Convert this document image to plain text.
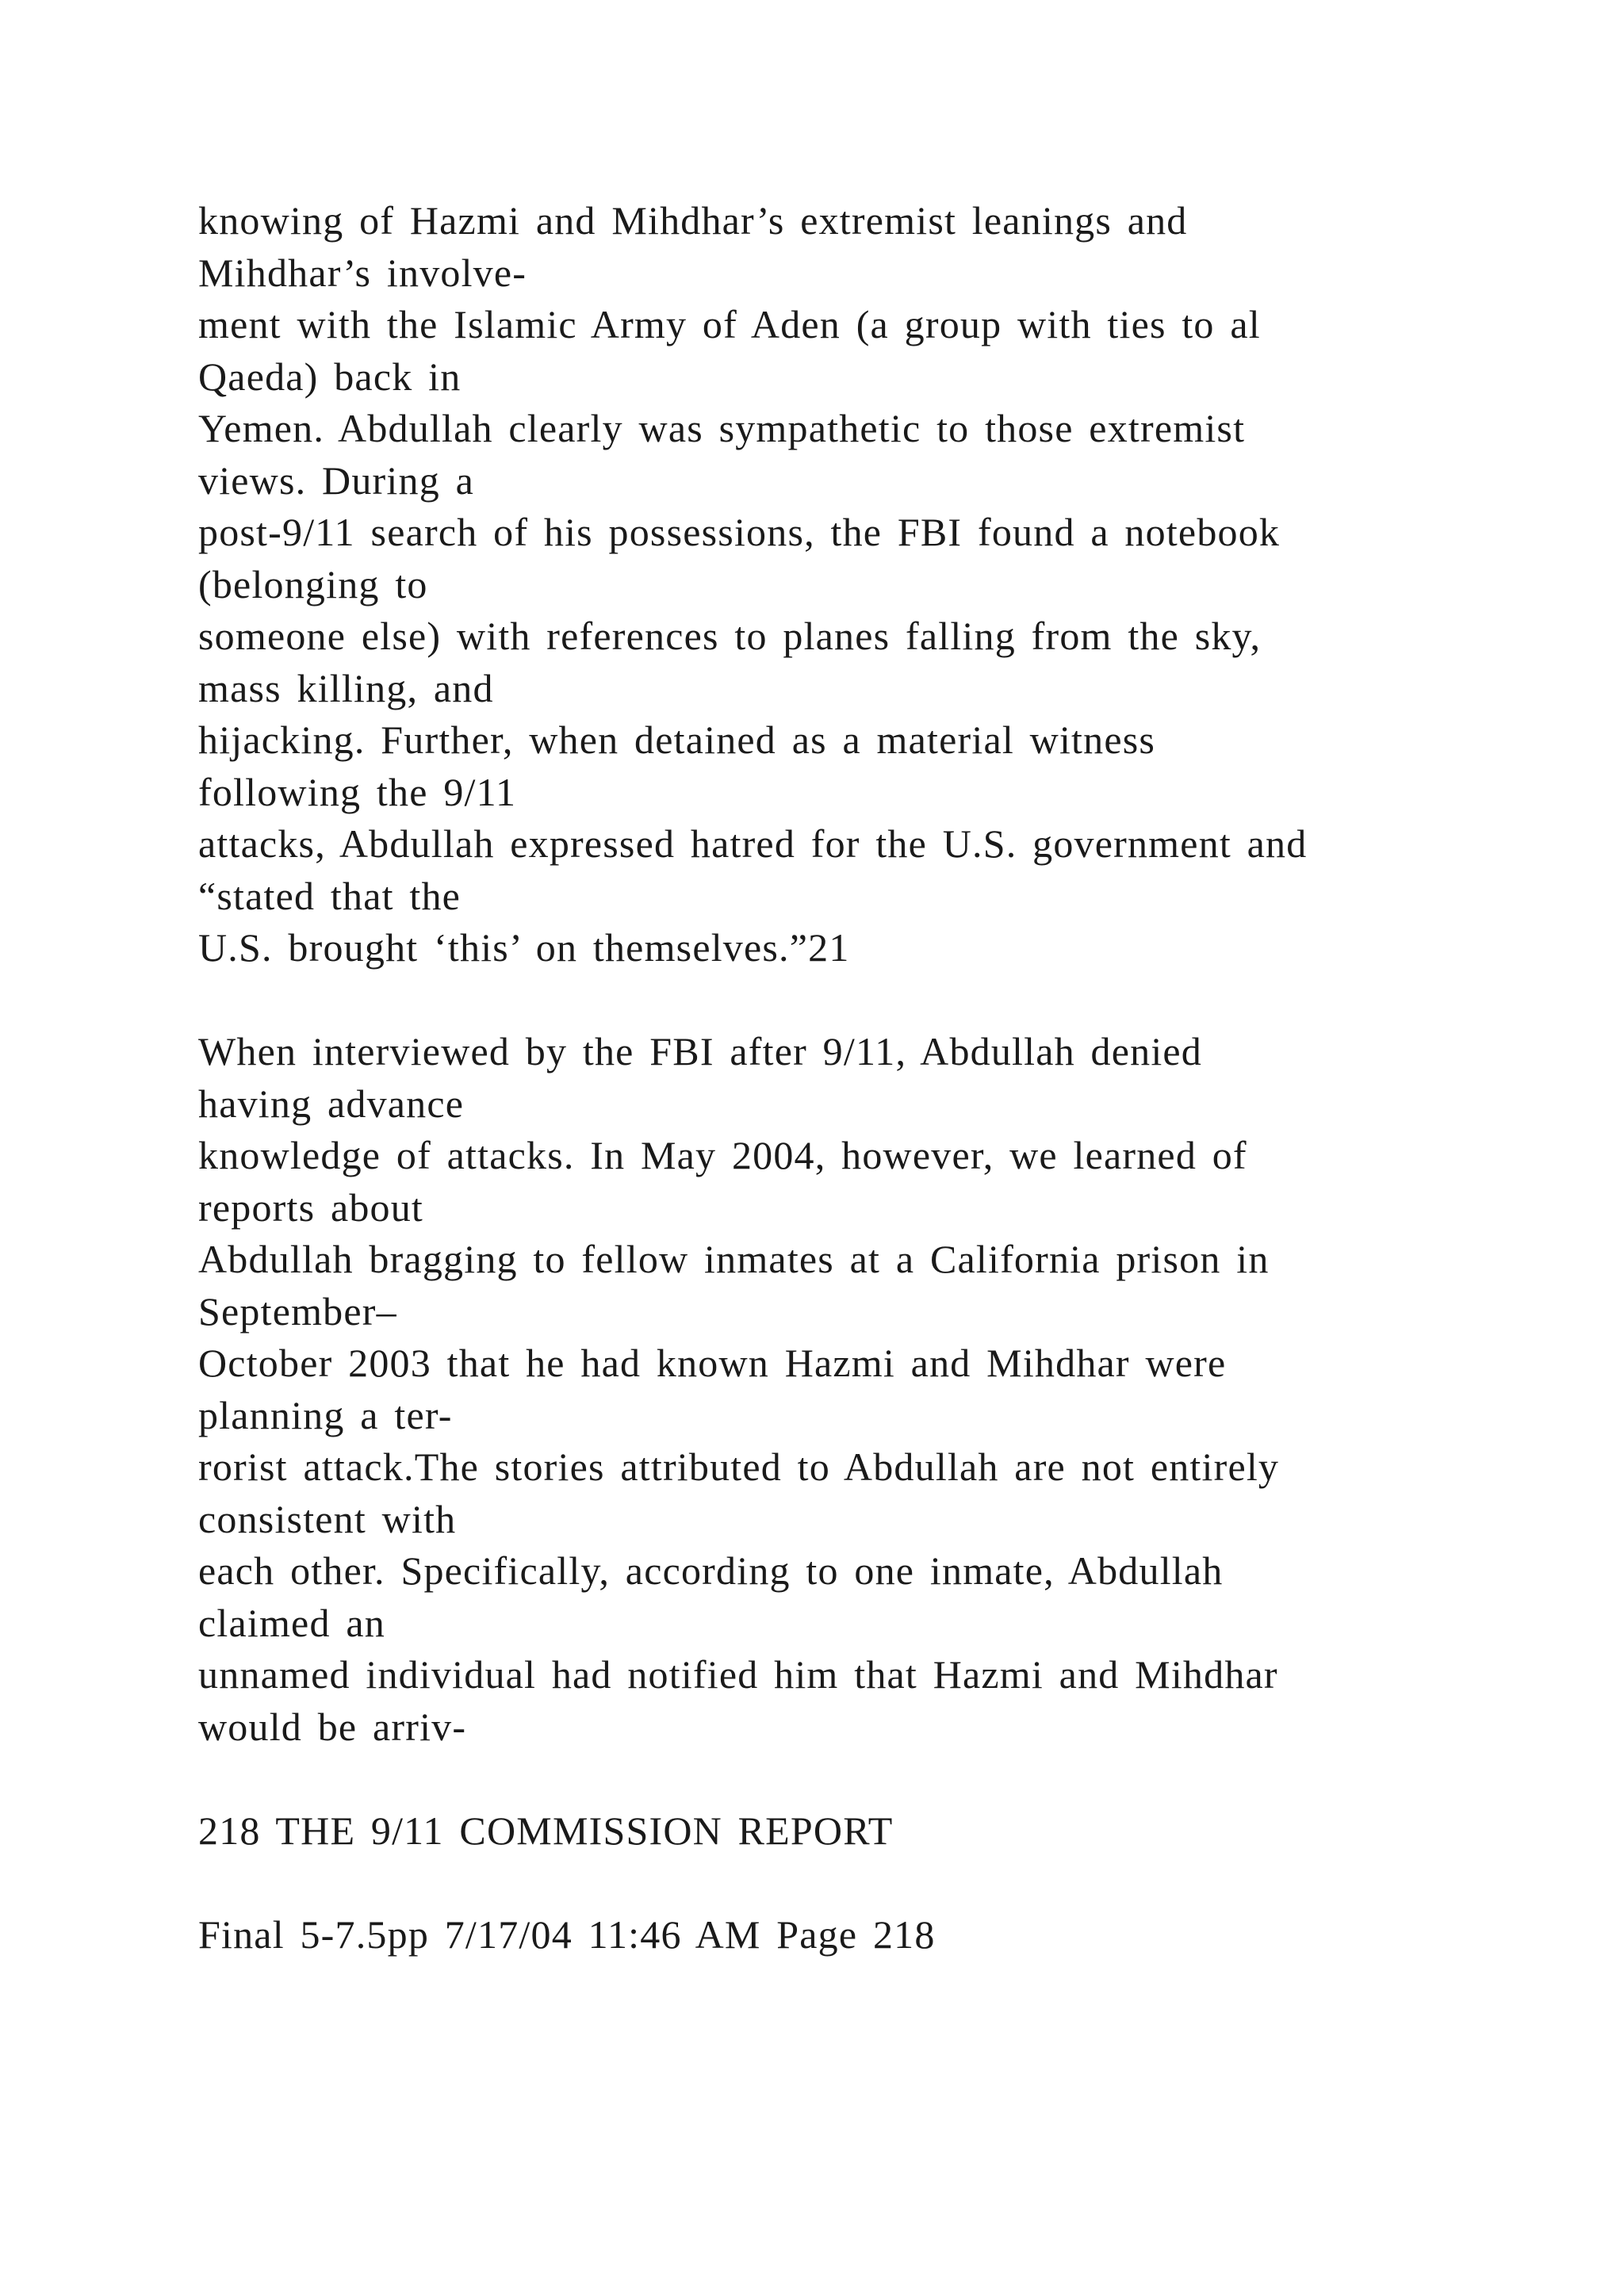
knowing of Hazmi and Mihdhar’s extremist leanings and
Mihdhar’s involve-
ment with the Islamic Army of Aden (a group with ties to al
Qaeda) back in
Yemen. Abdullah clearly was sympathetic to those extremist
views. During a
post-9/11 search of his possessions, the FBI found a notebook
(belonging to
someone else) with references to planes falling from the sky,
mass killing, and
hijacking. Further, when detained as a material witness
following the 9/11
attacks, Abdullah expressed hatred for the U.S. government and
“stated that the
U.S. brought ‘this’ on themselves.”21
When interviewed by the FBI after 9/11, Abdullah denied
having advance
knowledge of attacks. In May 2004, however, we learned of
reports about
Abdullah bragging to fellow inmates at a California prison in
September–
October 2003 that he had known Hazmi and Mihdhar were
planning a ter-
rorist attack.The stories attributed to Abdullah are not entirely
consistent with
each other. Specifically, according to one inmate, Abdullah
claimed an
unnamed individual had notified him that Hazmi and Mihdhar
would be arriv-
218 THE 9/11 COMMISSION REPORT
Final 5-7.5pp 7/17/04 11:46 AM Page 218
